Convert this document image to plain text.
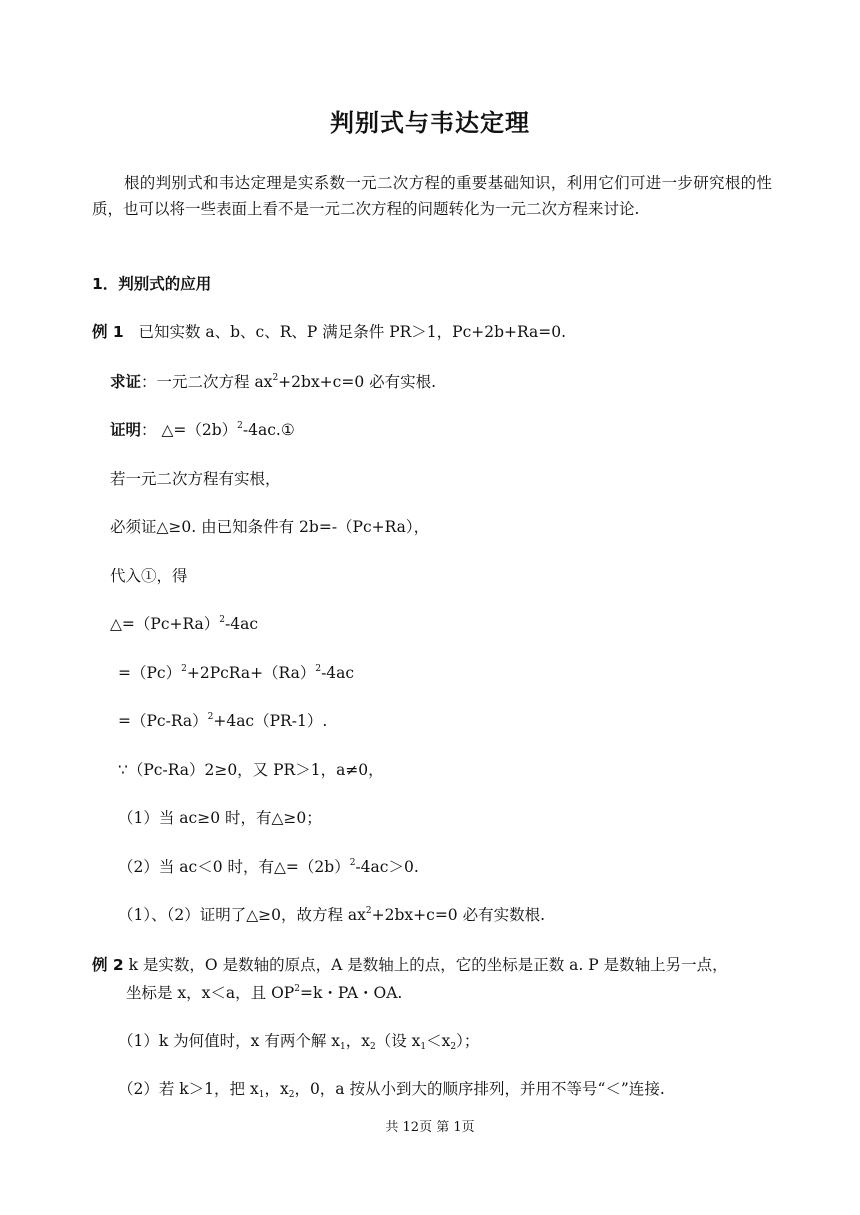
判别式与韦达定理
根的判别式和韦达定理是实系数一元二次方程的重要基础知识，利用它们可进一步研究根的性质，也可以将一些表面上看不是一元二次方程的问题转化为一元二次方程来讨论.
1．判别式的应用
例 1 已知实数 a、b、c、R、P 满足条件 PR＞1，Pc+2b+Ra=0.
求证：一元二次方程 $ax^2+2bx+c=0$ 必有实根.
证明： $\triangle=(2b)^2-4ac.①$
若一元二次方程有实根，
必须证△≥0. 由已知条件有 2b=-（Pc+Ra），
代入①，得
$\triangle=(Pc+Ra)^2-4ac$
$=(Pc)^2+2PcRa+(Ra)^2-4ac$
$=(Pc-Ra)^2+4ac(PR-1)$.
∵（Pc-Ra）2≥0，又 PR＞1，a≠0，
（1）当 ac≥0 时，有△≥0；
（2）当 ac＜0 时，有$\triangle=(2b)^2-4ac>0$.
（1）、（2）证明了△≥0，故方程 $ax^2+2bx+c=0$ 必有实数根.
例 2 k 是实数，O 是数轴的原点，A 是数轴上的点，它的坐标是正数 a. P 是数轴上另一点，
坐标是 x，x＜a，且 $OP^2=k$・PA・OA.
（1）k 为何值时，x 有两个解 $x_1$，$x_2$（设 $x_1<x_2$）；
（2）若 k＞1，把 $x_1$，$x_2$，0，a 按从小到大的顺序排列，并用不等号“＜”连接.
共 12页 第 1页
